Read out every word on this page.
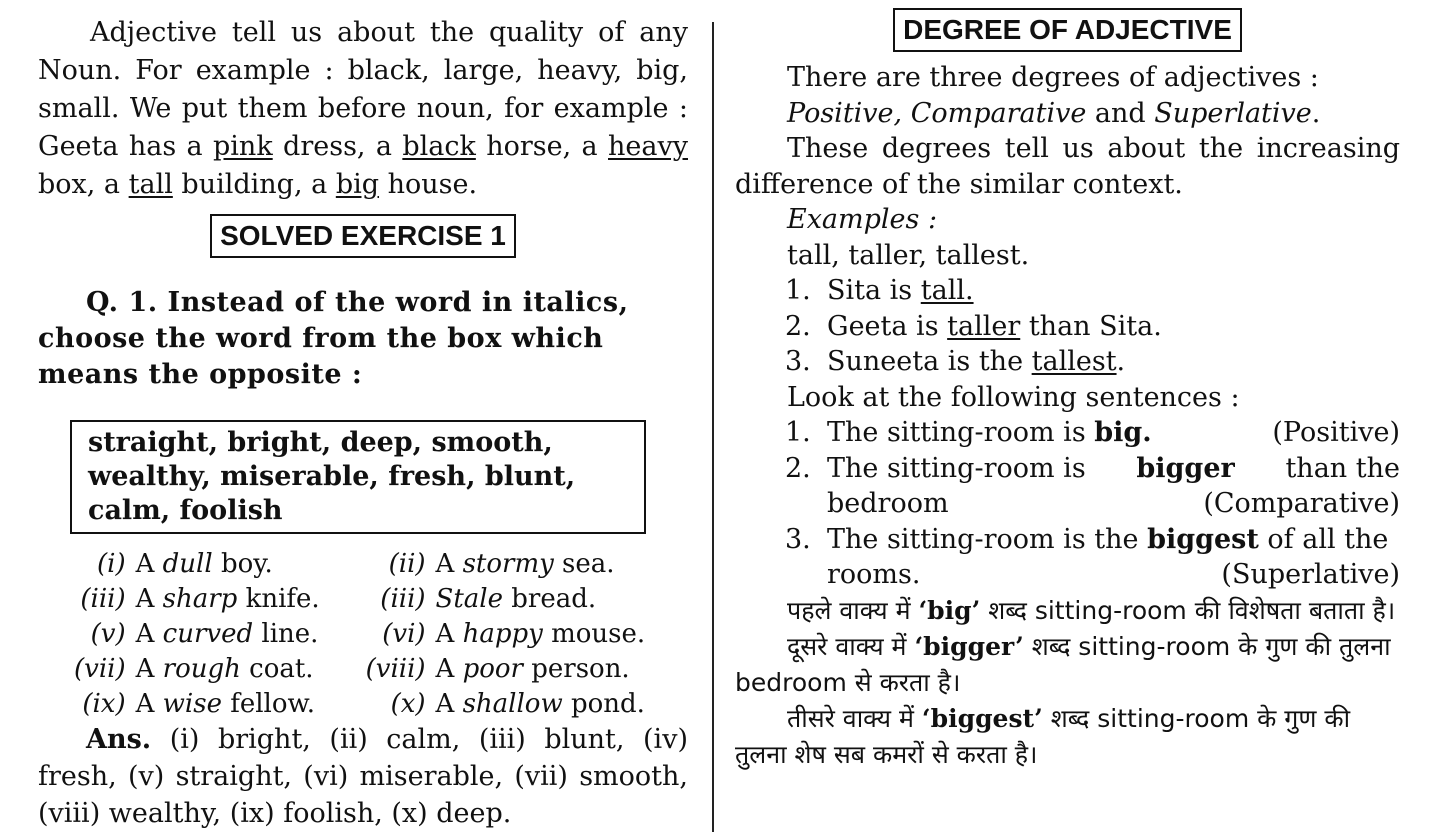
Adjective tell us about the quality of any Noun. For example : black, large, heavy, big, small. We put them before noun, for example : Geeta has a pink dress, a black horse, a heavy box, a tall building, a big house.

SOLVED EXERCISE 1

Q. 1. Instead of the word in italics, choose the word from the box which means the opposite :

straight, bright, deep, smooth, wealthy, miserable, fresh, blunt, calm, foolish
(i)	A dull boy.	(ii)	A stormy sea.
(iii)	A sharp knife.	(iii)	Stale bread.
(v)	A curved line.	(vi)	A happy mouse.
(vii)	A rough coat.	(viii)	A poor person.
(ix)	A wise fellow.	(x)	A shallow pond.

Ans. (i) bright, (ii) calm, (iii) blunt, (iv) fresh, (v) straight, (vi) miserable, (vii) smooth, (viii) wealthy, (ix) foolish, (x) deep.

DEGREE OF ADJECTIVE

There are three degrees of adjectives :

Positive, Comparative and Superlative.

These degrees tell us about the increasing difference of the similar context.

Examples :

tall, taller, tallest.

1. Sita is tall.
2. Geeta is taller than Sita.
3. Suneeta is the tallest.

Look at the following sentences :

1. The sitting-room is big.	(Positive)
2. The sitting-room is bigger than the
bedroom	(Comparative)
3. The sitting-room is the biggest of all the
rooms.	(Superlative)

पहले वाक्य में ‘big’ शब्द sitting-room की विशेषता बताता है।

दूसरे वाक्य में ‘bigger’ शब्द sitting-room के गुण की तुलना bedroom से करता है।

तीसरे वाक्य में ‘biggest’ शब्द sitting-room के गुण की तुलना शेष सब कमरों से करता है।
